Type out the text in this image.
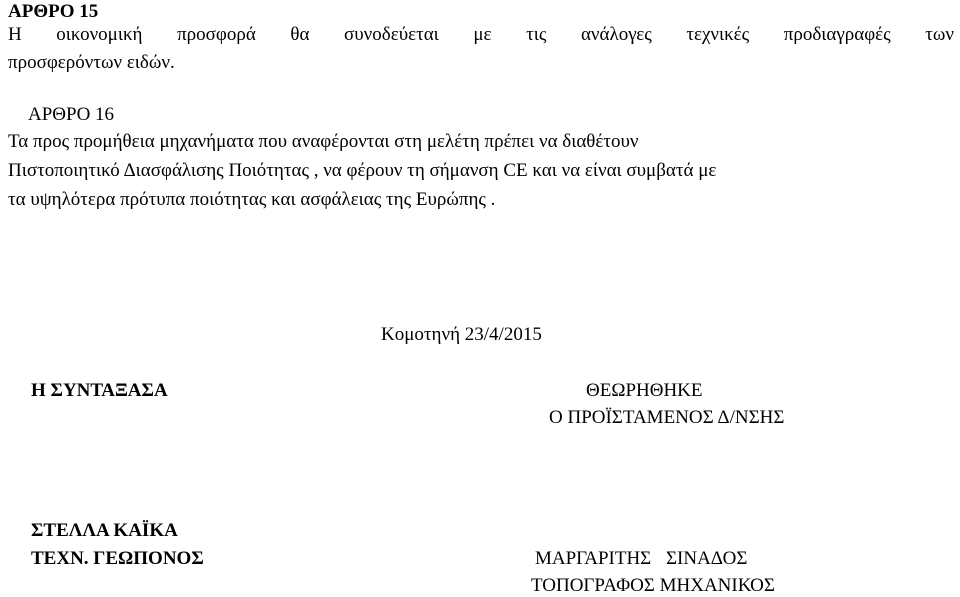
ΑΡΘΡΟ 15
Η οικονομική προσφορά θα συνοδεύεται με τις ανάλογες τεχνικές προδιαγραφές των
προσφερόντων ειδών.
ΑΡΘΡΟ 16
Τα προς προμήθεια μηχανήματα που αναφέρονται στη μελέτη πρέπει να διαθέτουν
Πιστοποιητικό Διασφάλισης Ποιότητας , να φέρουν τη σήμανση CE και να είναι συμβατά με
τα υψηλότερα πρότυπα ποιότητας και ασφάλειας της Ευρώπης .
Κομοτηνή 23/4/2015
Η ΣΥΝΤΑΞΑΣΑ	ΘΕΩΡΗΘΗΚΕ
Ο ΠΡΟΪΣΤΑΜΕΝΟΣ Δ/ΝΣΗΣ
ΣΤΕΛΛΑ ΚΑΪΚΑ
ΤΕΧΝ. ΓΕΩΠΟΝΟΣ	ΜΑΡΓΑΡΙΤΗΣ ΣΙΝΑΔΟΣ
ΤΟΠΟΓΡΑΦΟΣ ΜΗΧΑΝΙΚΟΣ
